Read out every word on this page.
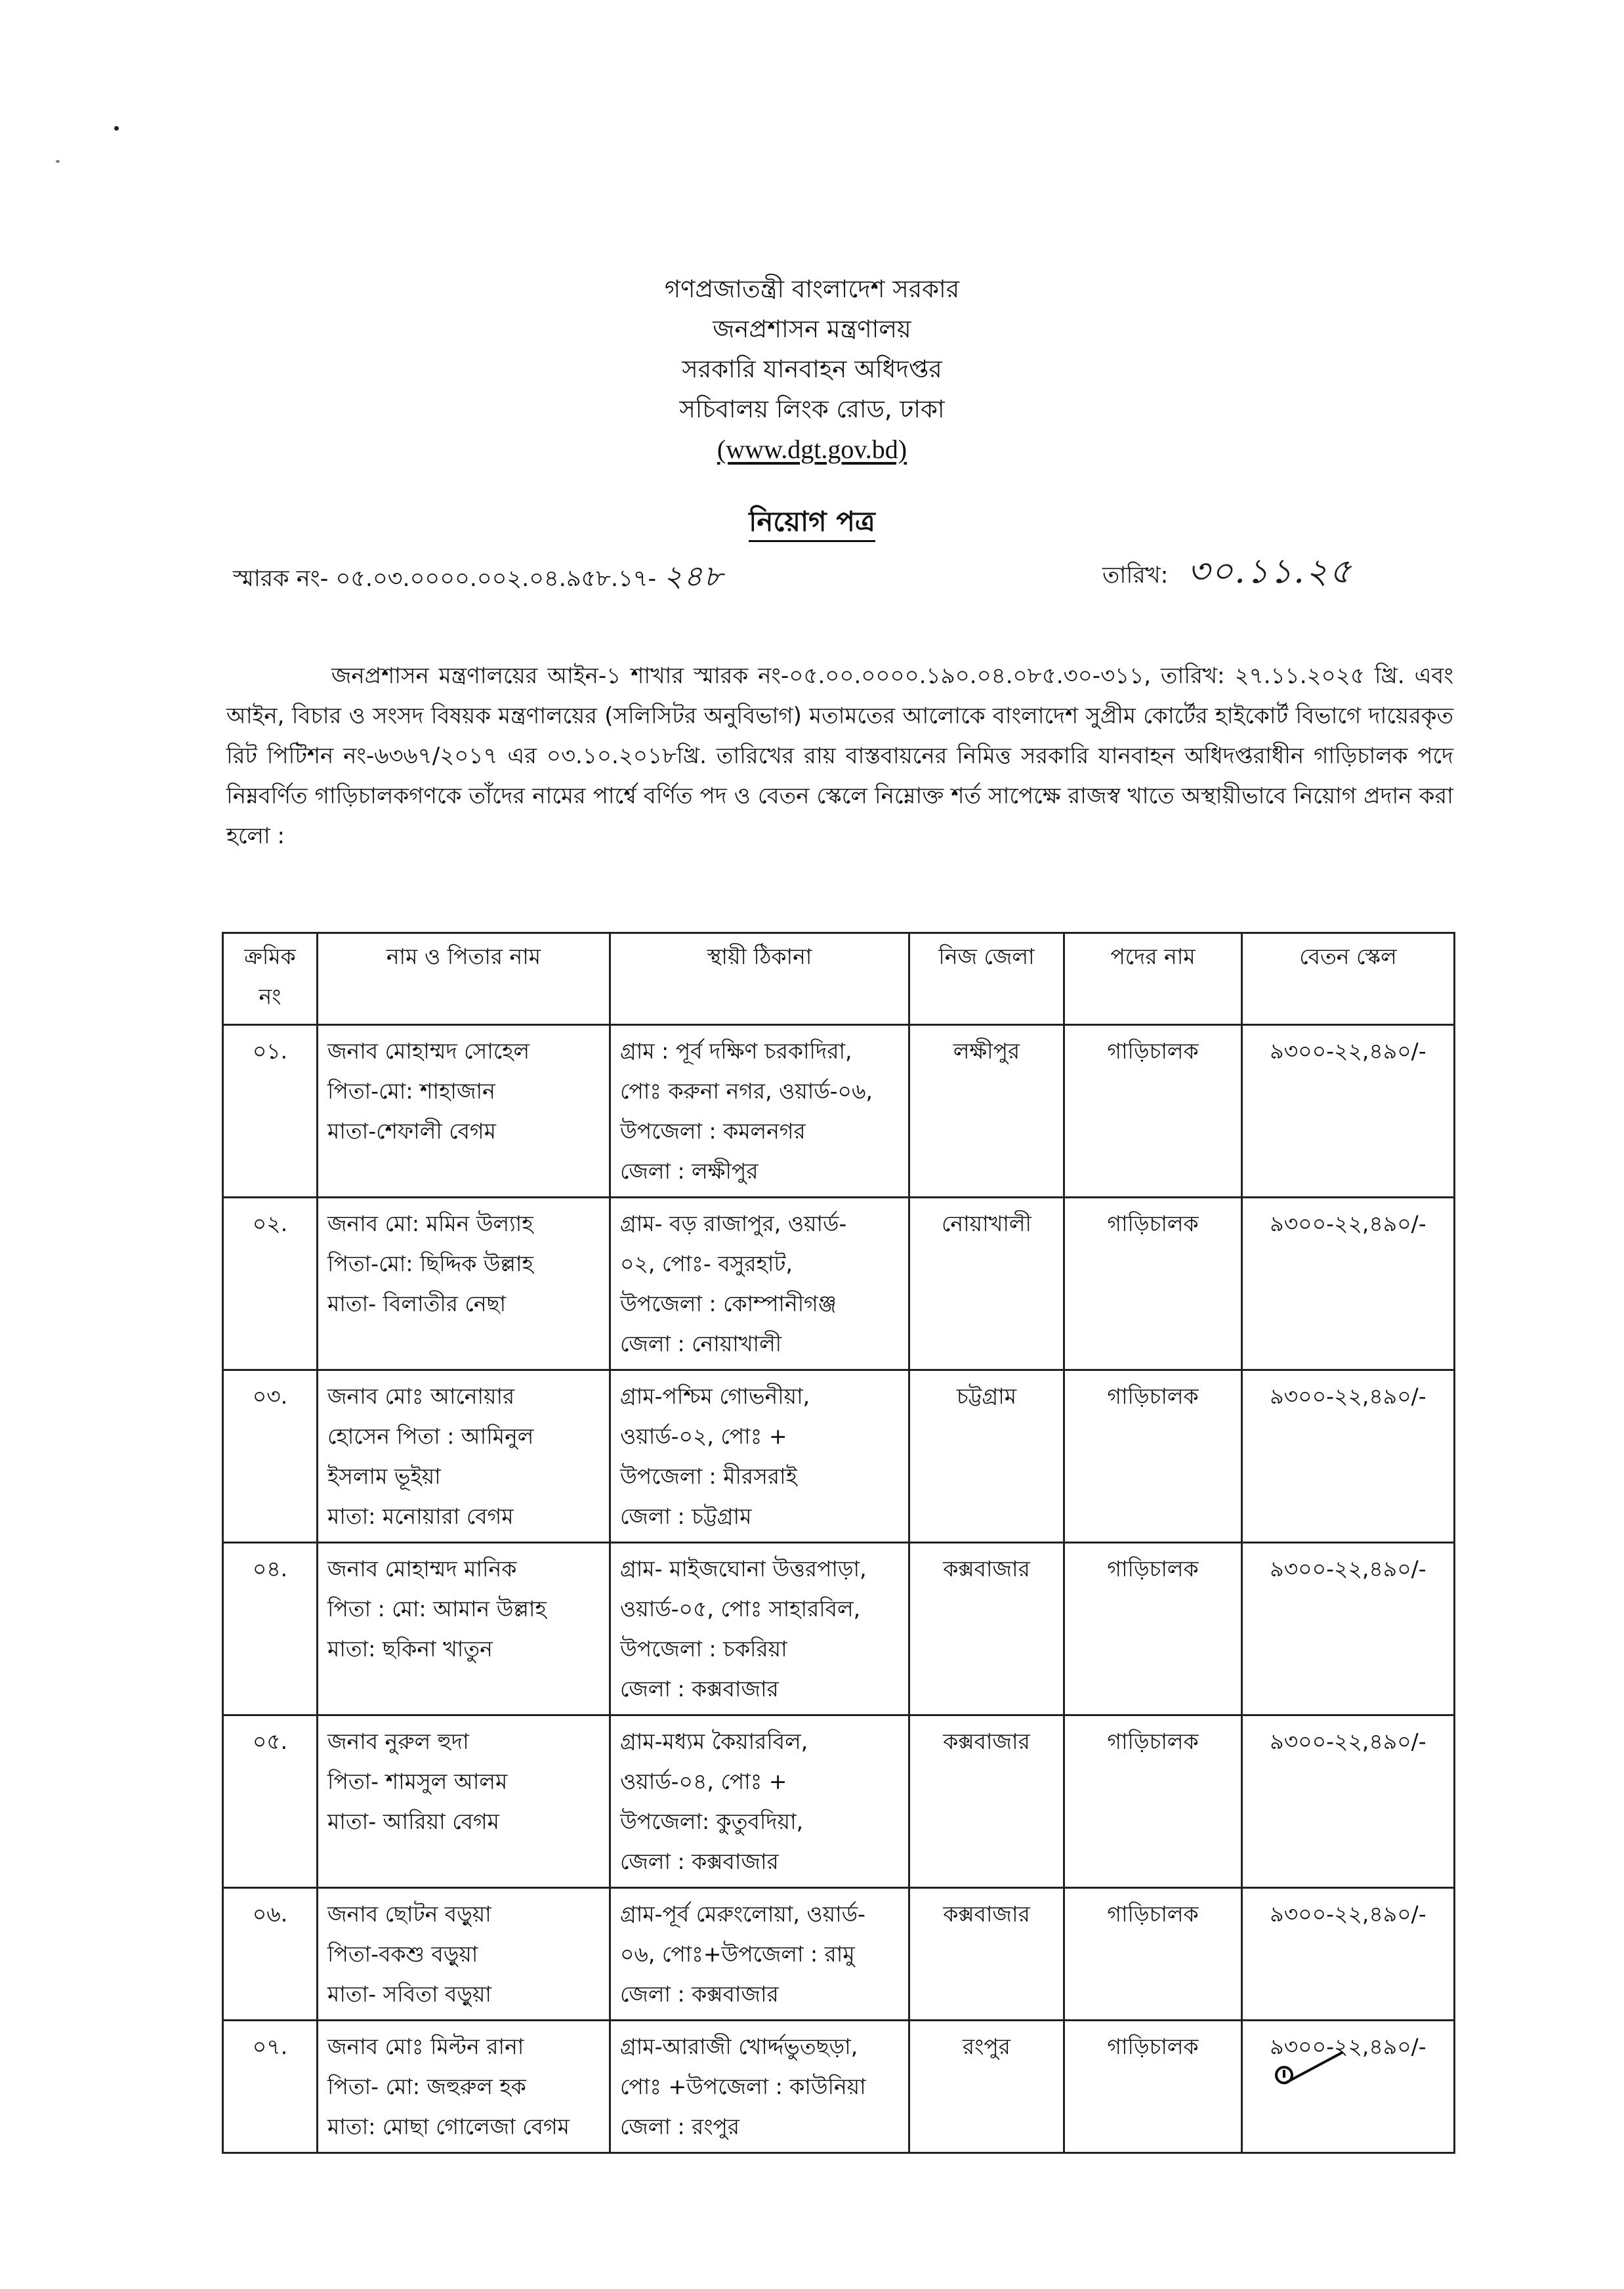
গণপ্রজাতন্ত্রী বাংলাদেশ সরকার
জনপ্রশাসন মন্ত্রণালয়
সরকারি যানবাহন অধিদপ্তর
সচিবালয় লিংক রোড, ঢাকা
(www.dgt.gov.bd)
নিয়োগ পত্র
স্মারক নং- ০৫.০৩.০০০০.০০২.০৪.৯৫৮.১৭- ২৪৮	তারিখ: ৩০.১১.২৫
জনপ্রশাসন মন্ত্রণালয়ের আইন-১ শাখার স্মারক নং-০৫.০০.০০০০.১৯০.০৪.০৮৫.৩০-৩১১, তারিখ: ২৭.১১.২০২৫ খ্রি. এবং আইন, বিচার ও সংসদ বিষয়ক মন্ত্রণালয়ের (সলিসিটর অনুবিভাগ) মতামতের আলোকে বাংলাদেশ সুপ্রীম কোর্টের হাইকোর্ট বিভাগে দায়েরকৃত রিট পিটিশন নং-৬৩৬৭/২০১৭ এর ০৩.১০.২০১৮খ্রি. তারিখের রায় বাস্তবায়নের নিমিত্ত সরকারি যানবাহন অধিদপ্তরাধীন গাড়িচালক পদে নিম্নবর্ণিত গাড়িচালকগণকে তাঁদের নামের পার্শ্বে বর্ণিত পদ ও বেতন স্কেলে নিম্নোক্ত শর্ত সাপেক্ষে রাজস্ব খাতে অস্থায়ীভাবে নিয়োগ প্রদান করা হলো :
ক্রমিক
নং	নাম ও পিতার নাম	স্থায়ী ঠিকানা	নিজ জেলা	পদের নাম	বেতন স্কেল
০১.	জনাব মোহাম্মদ সোহেল
পিতা-মো: শাহাজান
মাতা-শেফালী বেগম	গ্রাম : পূর্ব দক্ষিণ চরকাদিরা,
পোঃ করুনা নগর, ওয়ার্ড-০৬,
উপজেলা : কমলনগর
জেলা : লক্ষীপুর	লক্ষীপুর	গাড়িচালক	৯৩০০-২২,৪৯০/-
০২.	জনাব মো: মমিন উল্যাহ
পিতা-মো: ছিদ্দিক উল্লাহ
মাতা- বিলাতীর নেছা	গ্রাম- বড় রাজাপুর, ওয়ার্ড-
০২, পোঃ- বসুরহাট,
উপজেলা : কোম্পানীগঞ্জ
জেলা : নোয়াখালী	নোয়াখালী	গাড়িচালক	৯৩০০-২২,৪৯০/-
০৩.	জনাব মোঃ আনোয়ার
হোসেন পিতা : আমিনুল
ইসলাম ভূইয়া
মাতা: মনোয়ারা বেগম	গ্রাম-পশ্চিম গোভনীয়া,
ওয়ার্ড-০২, পোঃ +
উপজেলা : মীরসরাই
জেলা : চট্টগ্রাম	চট্টগ্রাম	গাড়িচালক	৯৩০০-২২,৪৯০/-
০৪.	জনাব মোহাম্মদ মানিক
পিতা : মো: আমান উল্লাহ
মাতা: ছকিনা খাতুন	গ্রাম- মাইজঘোনা উত্তরপাড়া,
ওয়ার্ড-০৫, পোঃ সাহারবিল,
উপজেলা : চকরিয়া
জেলা : কক্সবাজার	কক্সবাজার	গাড়িচালক	৯৩০০-২২,৪৯০/-
০৫.	জনাব নুরুল হুদা
পিতা- শামসুল আলম
মাতা- আরিয়া বেগম	গ্রাম-মধ্যম কৈয়ারবিল,
ওয়ার্ড-০৪, পোঃ +
উপজেলা: কুতুবদিয়া,
জেলা : কক্সবাজার	কক্সবাজার	গাড়িচালক	৯৩০০-২২,৪৯০/-
০৬.	জনাব ছোটন বড়ুয়া
পিতা-বকশু বড়ুয়া
মাতা- সবিতা বড়ুয়া	গ্রাম-পূর্ব মেরুংলোয়া, ওয়ার্ড-
০৬, পোঃ+উপজেলা : রামু
জেলা : কক্সবাজার	কক্সবাজার	গাড়িচালক	৯৩০০-২২,৪৯০/-
০৭.	জনাব মোঃ মিল্টন রানা
পিতা- মো: জহুরুল হক
মাতা: মোছা গোলেজা বেগম	গ্রাম-আরাজী খোর্দ্দভুতছড়া,
পোঃ +উপজেলা : কাউনিয়া
জেলা : রংপুর	রংপুর	গাড়িচালক	৯৩০০-২২,৪৯০/-
